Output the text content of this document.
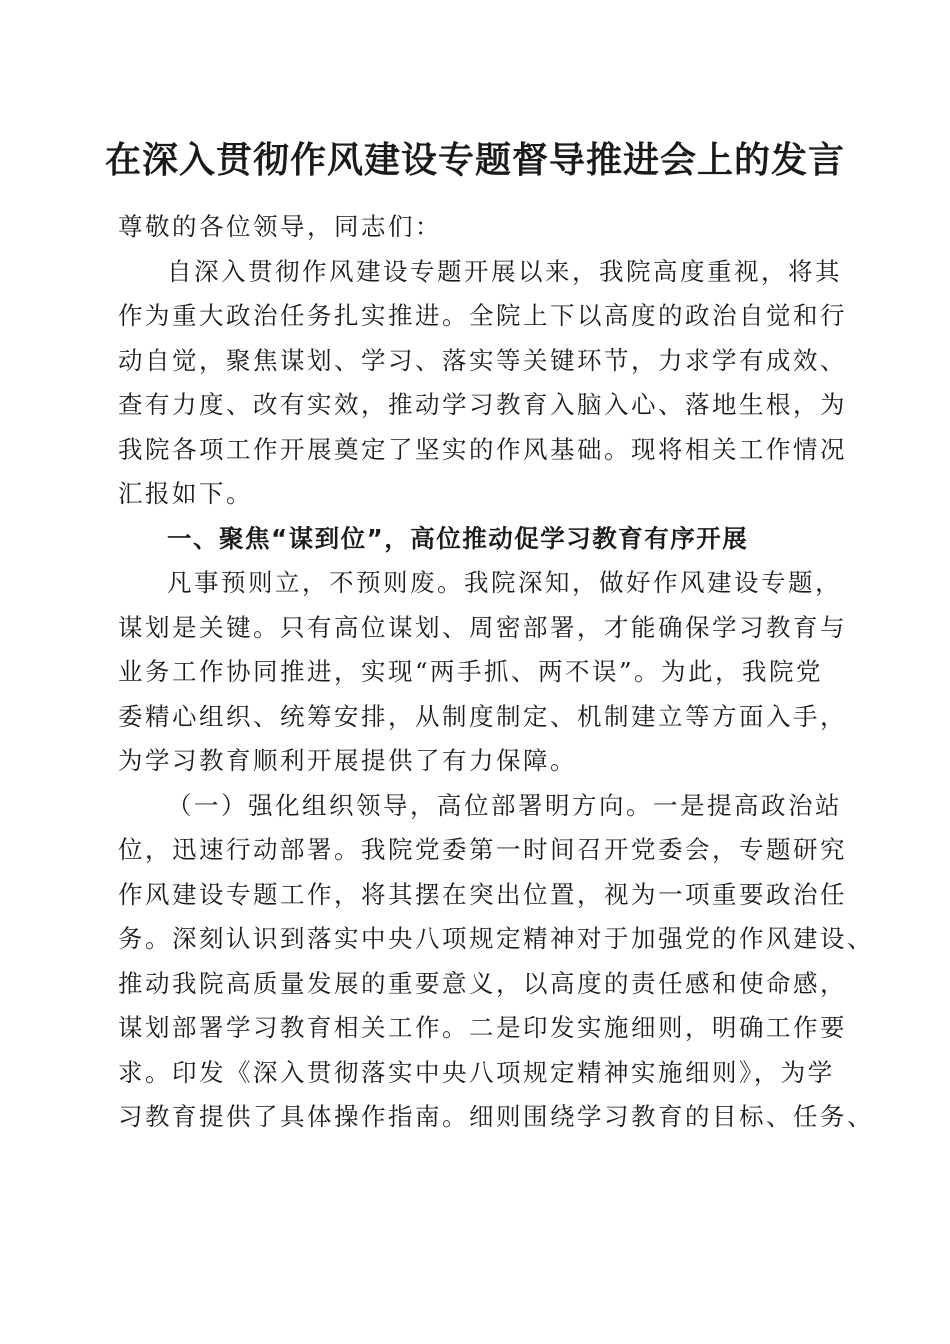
在深入贯彻作风建设专题督导推进会上的发言
尊敬的各位领导，同志们：
自深入贯彻作风建设专题开展以来，我院高度重视，将其
作为重大政治任务扎实推进。全院上下以高度的政治自觉和行
动自觉，聚焦谋划、学习、落实等关键环节，力求学有成效、
查有力度、改有实效，推动学习教育入脑入心、落地生根，为
我院各项工作开展奠定了坚实的作风基础。现将相关工作情况
汇报如下。
一、聚焦“谋到位”，高位推动促学习教育有序开展
凡事预则立，不预则废。我院深知，做好作风建设专题，
谋划是关键。只有高位谋划、周密部署，才能确保学习教育与
业务工作协同推进，实现“两手抓、两不误”。为此，我院党
委精心组织、统筹安排，从制度制定、机制建立等方面入手，
为学习教育顺利开展提供了有力保障。
（一）强化组织领导，高位部署明方向。一是提高政治站
位，迅速行动部署。我院党委第一时间召开党委会，专题研究
作风建设专题工作，将其摆在突出位置，视为一项重要政治任
务。深刻认识到落实中央八项规定精神对于加强党的作风建设、
推动我院高质量发展的重要意义，以高度的责任感和使命感，
谋划部署学习教育相关工作。二是印发实施细则，明确工作要
求。印发《深入贯彻落实中央八项规定精神实施细则》，为学
习教育提供了具体操作指南。细则围绕学习教育的目标、任务、
